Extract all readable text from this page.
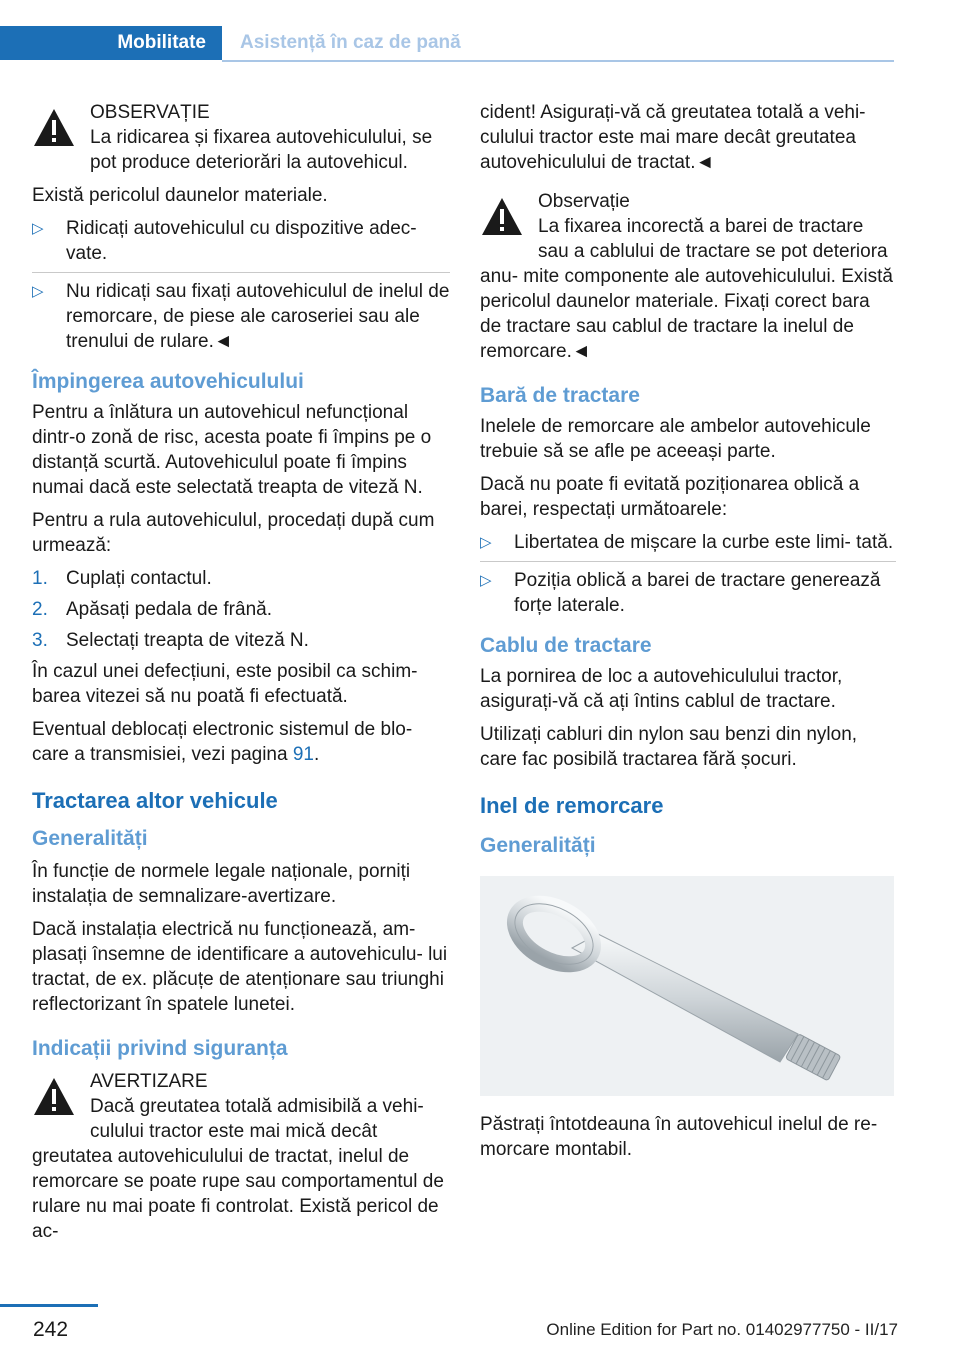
Mobilitate	Asistență în caz de pană
OBSERVAȚIE
La ridicarea și fixarea autovehiculului, se pot produce deteriorări la autovehicul.

Există pericolul daunelor materiale.

▷ Ridicați autovehiculul cu dispozitive adec‐ vate.
▷ Nu ridicați sau fixați autovehiculul de inelul de remorcare, de piese ale caroseriei sau ale trenului de rulare.◄
Împingerea autovehiculului

Pentru a înlătura un autovehicul nefuncțional dintr-o zonă de risc, acesta poate fi împins pe o distanță scurtă. Autovehiculul poate fi împins numai dacă este selectată treapta de viteză N.

Pentru a rula autovehiculul, procedați după cum urmează:

1. Cuplați contactul.
2. Apăsați pedala de frână.
3. Selectați treapta de viteză N.

În cazul unei defecțiuni, este posibil ca schim‐ barea vitezei să nu poată fi efectuată.

Eventual deblocați electronic sistemul de blo‐ care a transmisiei, vezi pagina 91.

Tractarea altor vehicule
Generalități

În funcție de normele legale naționale, porniți instalația de semnalizare-avertizare.

Dacă instalația electrică nu funcționează, am‐ plasați însemne de identificare a autovehiculu‐ lui tractat, de ex. plăcuțe de atenționare sau triunghi reflectorizant în spatele lunetei.

Indicații privind siguranța
AVERTIZARE
Dacă greutatea totală admisibilă a vehi‐ culului tractor este mai mică decât greutatea autovehiculului de tractat, inelul de remorcare se poate rupe sau comportamentul de rulare nu mai poate fi controlat. Există pericol de ac‐

cident! Asigurați-vă că greutatea totală a vehi‐ culului tractor este mai mare decât greutatea autovehiculului de tractat.◄

Observație
La fixarea incorectă a barei de tractare sau a cablului de tractare se pot deteriora anu‐ mite componente ale autovehiculului. Există pericolul daunelor materiale. Fixați corect bara de tractare sau cablul de tractare la inelul de remorcare.◄
Bară de tractare

Inelele de remorcare ale ambelor autovehicule trebuie să se afle pe aceeași parte.

Dacă nu poate fi evitată poziționarea oblică a barei, respectați următoarele:

▷ Libertatea de mișcare la curbe este limi‐ tată.
▷ Poziția oblică a barei de tractare generează forțe laterale.
Cablu de tractare

La pornirea de loc a autovehiculului tractor, asigurați-vă că ați întins cablul de tractare.

Utilizați cabluri din nylon sau benzi din nylon, care fac posibilă tractarea fără șocuri.

Inel de remorcare
Generalități

Păstrați întotdeauna în autovehicul inelul de re‐ morcare montabil.

242	Online Edition for Part no. 01402977750 - II/17
